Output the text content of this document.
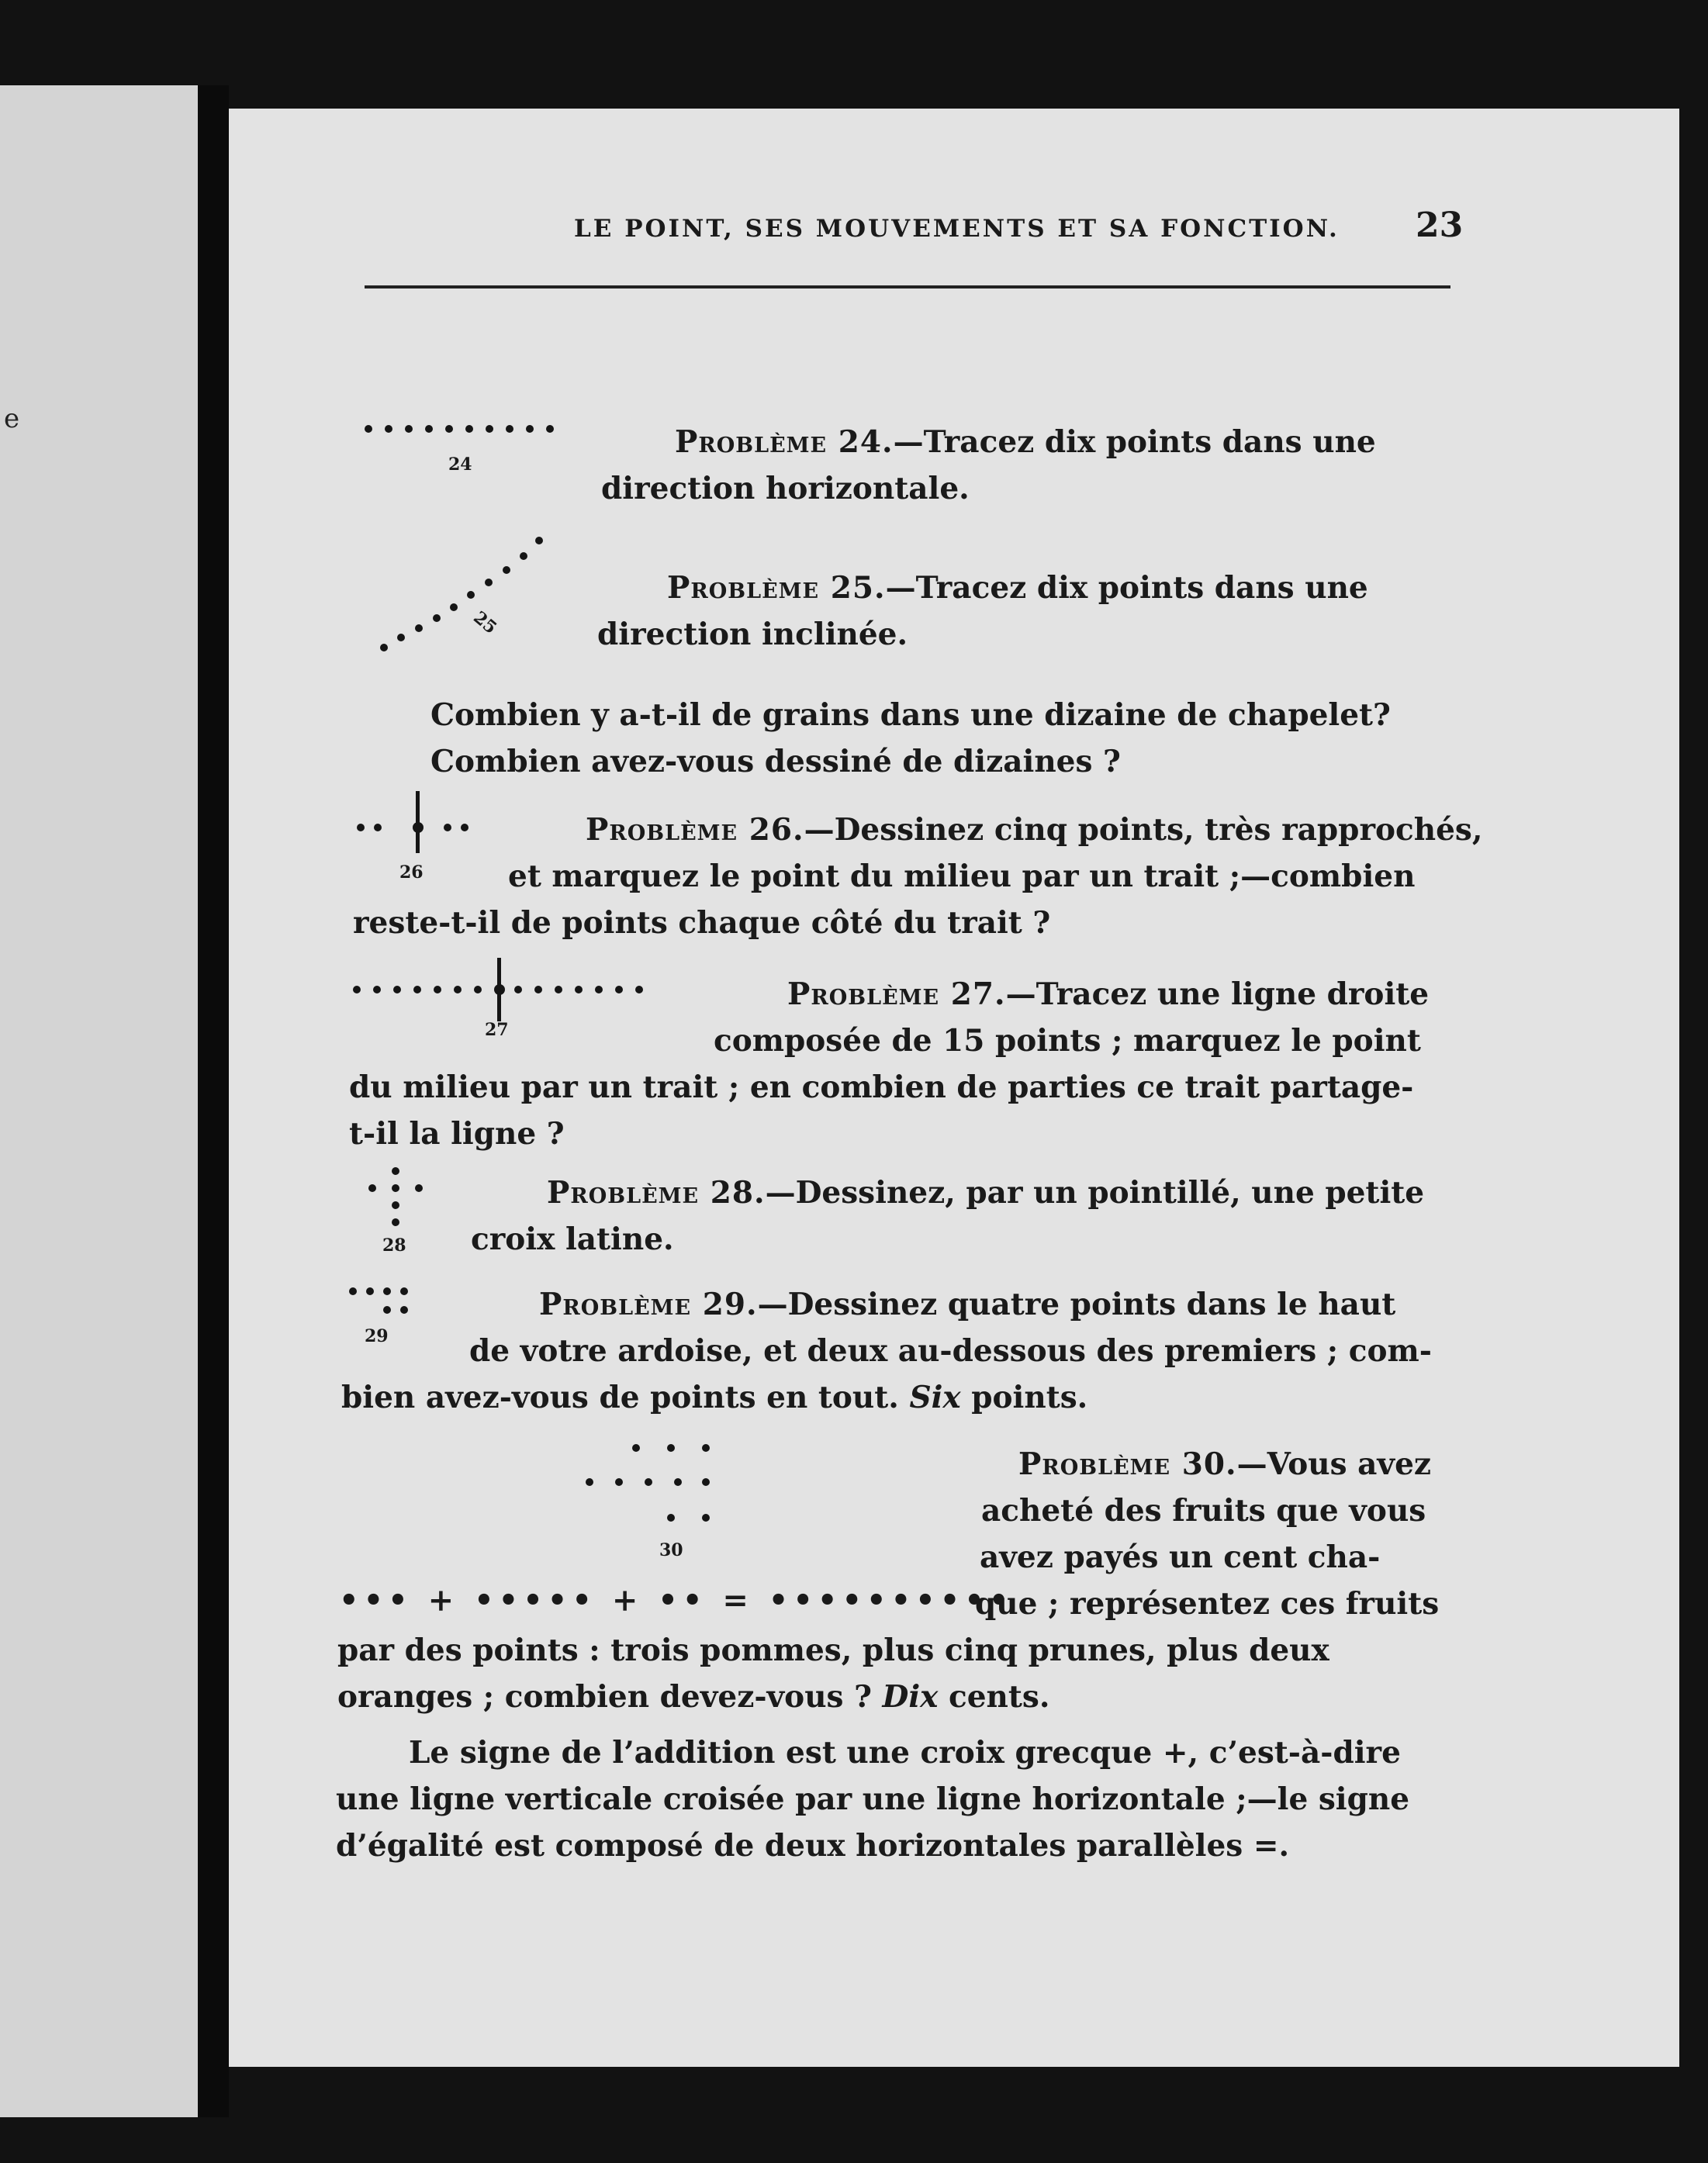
e
LE POINT, SES MOUVEMENTS ET SA FONCTION. 23
24
Problème 24.—Tracez dix points dans une
direction horizontale.
25
Problème 25.—Tracez dix points dans une
direction inclinée.
Combien y a-t-il de grains dans une dizaine de chapelet?
Combien avez-vous dessiné de dizaines ?
26
Problème 26.—Dessinez cinq points, très rapprochés,
et marquez le point du milieu par un trait ;—combien
reste-t-il de points chaque côté du trait ?
27
Problème 27.—Tracez une ligne droite
composée de 15 points ; marquez le point
du milieu par un trait ; en combien de parties ce trait partage-
t-il la ligne ?
28
Problème 28.—Dessinez, par un pointillé, une petite
croix latine.
29
Problème 29.—Dessinez quatre points dans le haut
de votre ardoise, et deux au-dessous des premiers ; com-
bien avez-vous de points en tout. Six points.
30
••• + ••••• + •• = ••••••••••
Problème 30.—Vous avez
acheté des fruits que vous
avez payés un cent cha-
que ; représentez ces fruits
par des points : trois pommes, plus cinq prunes, plus deux
oranges ; combien devez-vous ? Dix cents.
Le signe de l’addition est une croix grecque +, c’est-à-dire
une ligne verticale croisée par une ligne horizontale ;—le signe
d’égalité est composé de deux horizontales parallèles =.
